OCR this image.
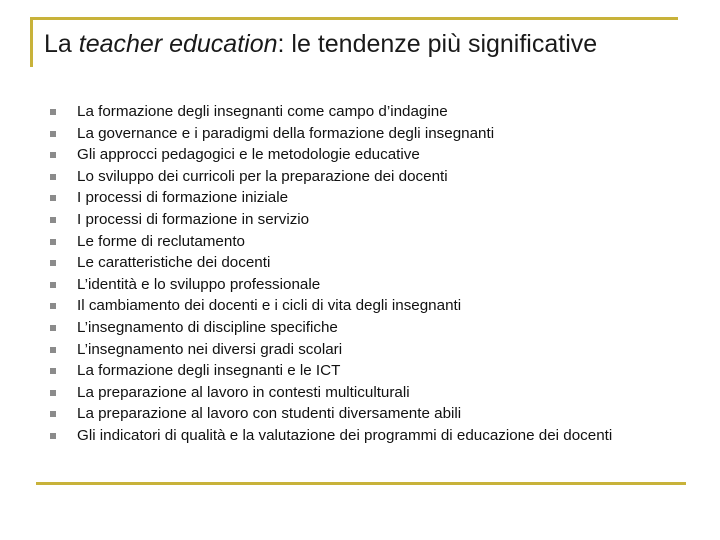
La teacher education: le tendenze più significative
La formazione degli insegnanti come campo d’indagine
La governance e i paradigmi della formazione degli insegnanti
Gli approcci pedagogici e le metodologie educative
Lo sviluppo dei curricoli per la preparazione dei docenti
I processi di formazione iniziale
I processi di formazione in servizio
Le forme di reclutamento
Le caratteristiche dei docenti
L’identità e lo sviluppo professionale
Il cambiamento dei docenti e i cicli di vita degli insegnanti
L’insegnamento di discipline specifiche
L’insegnamento nei diversi gradi scolari
La formazione degli insegnanti e le ICT
La preparazione al lavoro in contesti multiculturali
La preparazione al lavoro con studenti diversamente abili
Gli indicatori di qualità e la valutazione dei programmi di educazione dei docenti
